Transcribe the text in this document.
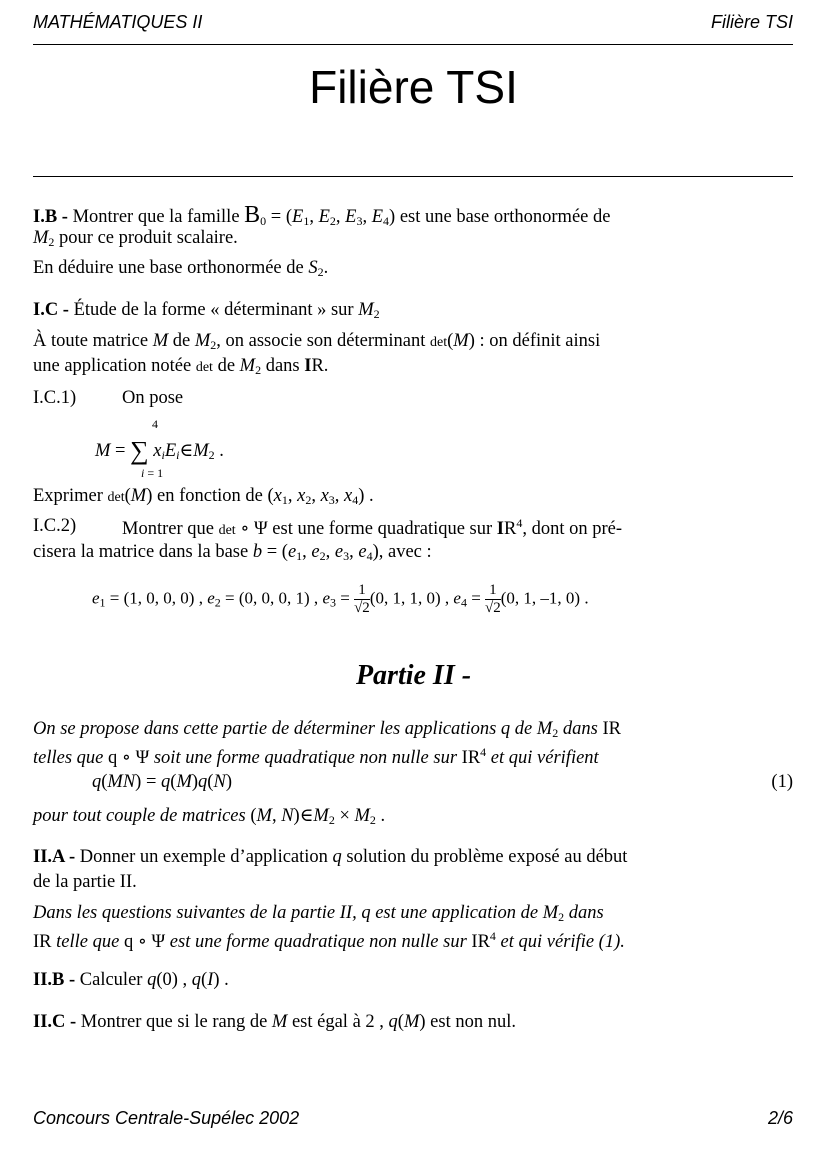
MATHÉMATIQUES II	Filière TSI
Filière TSI
I.B - Montrer que la famille $B_0 = (E_1$, $E_2$, $E_3$, $E_4$) est une base orthonormée de
$M_2$ pour ce produit scalaire.
En déduire une base orthonormée de $S_2$.
I.C - Étude de la forme « déterminant » sur $M_2$
À toute matrice M de $M_2$, on associe son déterminant det(M) : on définit ainsi
une application notée det de $M_2$ dans IR.
I.C.1) On pose
4
M = ∑ $x_iE_i\in M_2$ .
i = 1
Exprimer det(M) en fonction de ($x_1$, $x_2$, $x_3$, $x_4$) .
I.C.2) Montrer que det ∘ Ψ est une forme quadratique sur $IR^4$, dont on pré-
cisera la matrice dans la base $b = (e_1$, $e_2$, $e_3$, $e_4$), avec :
$e_1 = (1$, 0, 0, 0) , $e_2 = (0$, 0, 0, 1) , $e_3 = \frac{1}{√2} (0$, 1, 1, 0) , $e_4 = \frac{1}{√2} (0$, 1, –1, 0) .
Partie II -
On se propose dans cette partie de déterminer les applications q de $M_2$ dans IR
telles que q ∘ Ψ soit une forme quadratique non nulle sur $IR^4$ et qui vérifient
q(MN) = q(M)q(N)	(1)
pour tout couple de matrices (M, $N)\in M_2 \times M_2$ .
II.A - Donner un exemple d’application q solution du problème exposé au début
de la partie II.
Dans les questions suivantes de la partie II, q est une application de $M_2$ dans
IR telle que q ∘ Ψ est une forme quadratique non nulle sur $IR^4$ et qui vérifie (1).
II.B - Calculer q(0) , q(I) .
II.C - Montrer que si le rang de M est égal à 2 , q(M) est non nul.
Concours Centrale-Supélec 2002	2/6
